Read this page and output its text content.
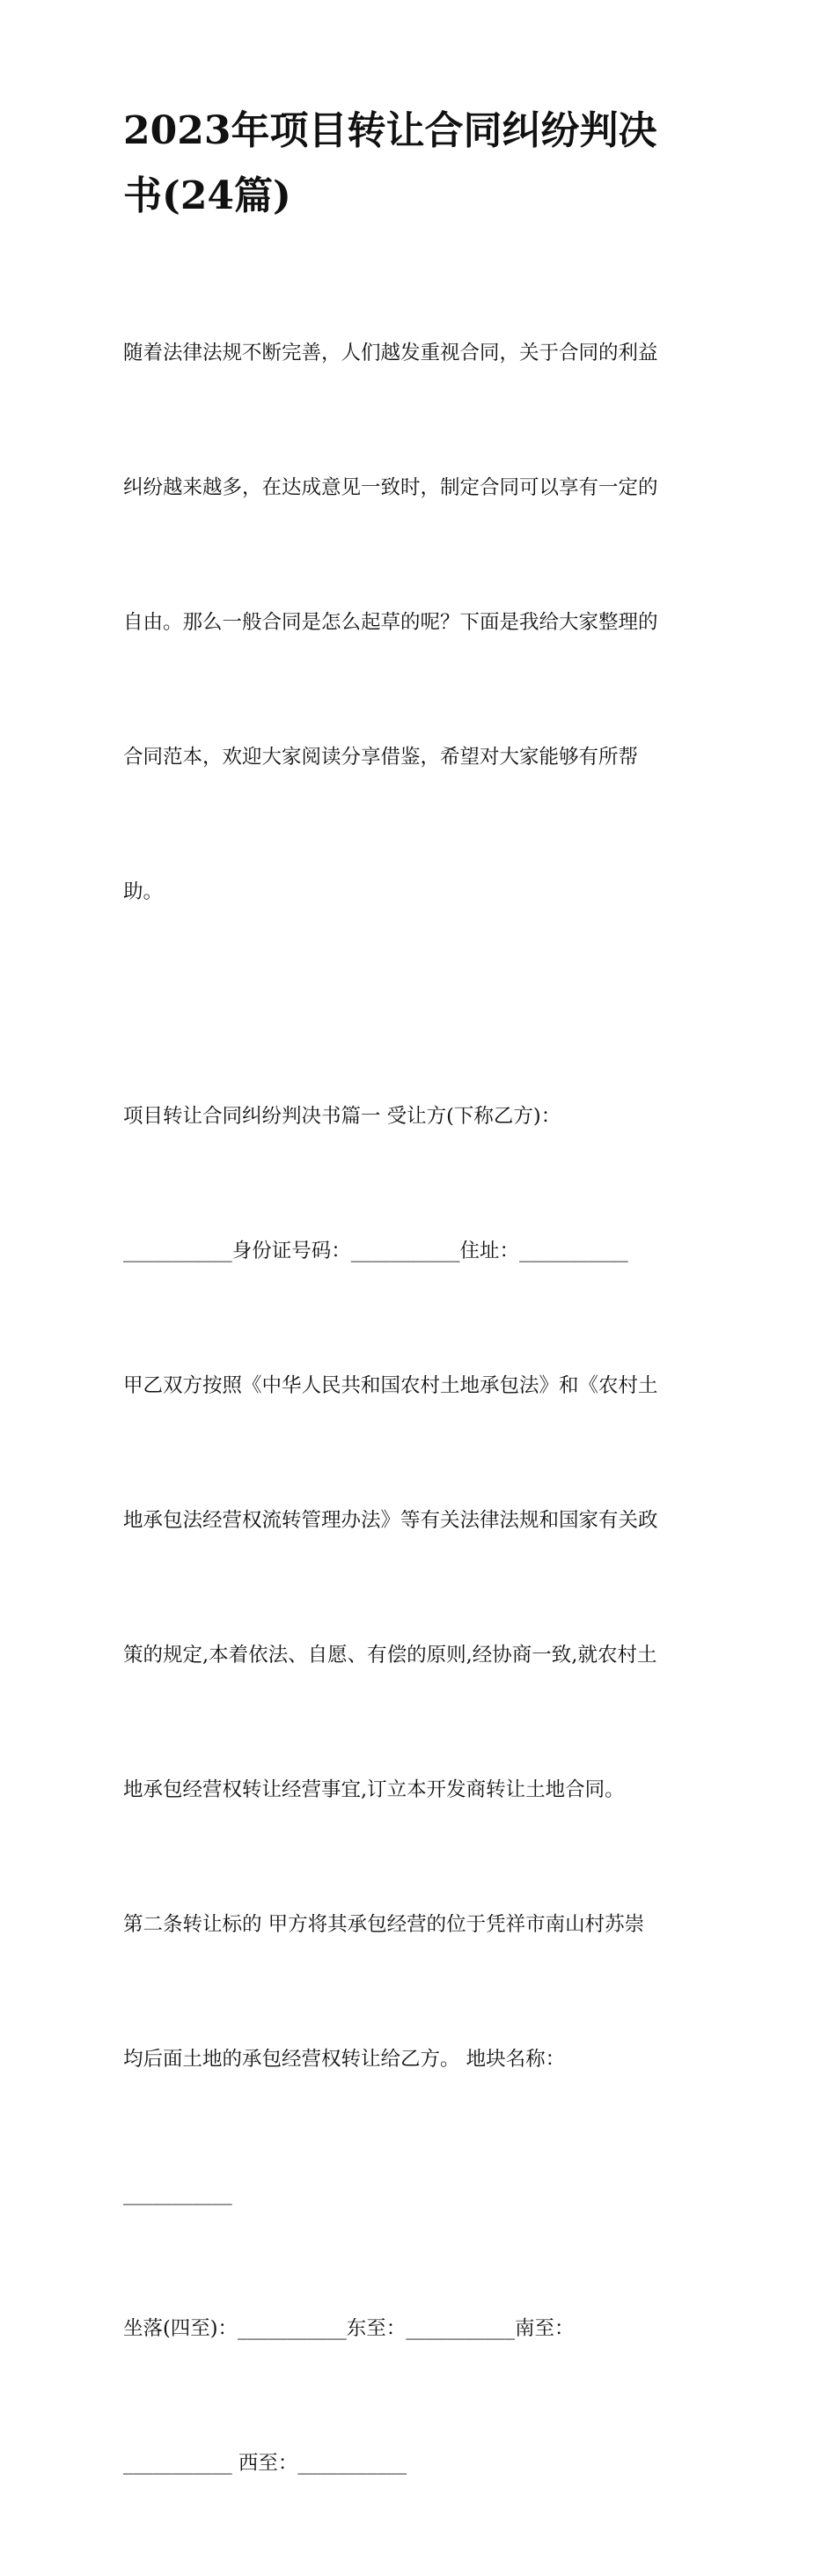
2023年项目转让合同纠纷判决
书(24篇)

随着法律法规不断完善，人们越发重视合同，关于合同的利益

纠纷越来越多，在达成意见一致时，制定合同可以享有一定的

自由。那么一般合同是怎么起草的呢？下面是我给大家整理的

合同范本，欢迎大家阅读分享借鉴，希望对大家能够有所帮

助。

项目转让合同纠纷判决书篇一 受让方(下称乙方)：

___________身份证号码：___________住址：___________

甲乙双方按照《中华人民共和国农村土地承包法》和《农村土

地承包法经营权流转管理办法》等有关法律法规和国家有关政

策的规定,本着依法、自愿、有偿的原则,经协商一致,就农村土

地承包经营权转让经营事宜,订立本开发商转让土地合同。

第二条转让标的 甲方将其承包经营的位于凭祥市南山村苏崇

均后面土地的承包经营权转让给乙方。 地块名称：

___________

坐落(四至)：___________东至：___________南至：

___________ 西至：___________
